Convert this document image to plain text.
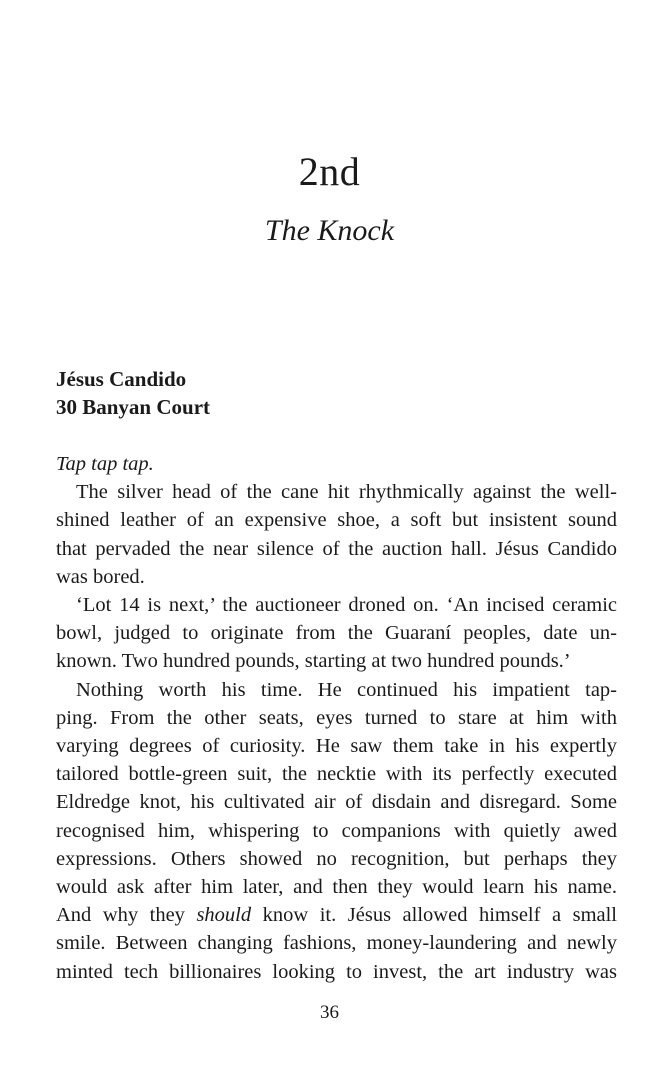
2nd
The Knock
Jésus Candido
30 Banyan Court
Tap tap tap.
The silver head of the cane hit rhythmically against the well-
shined leather of an expensive shoe, a soft but insistent sound
that pervaded the near silence of the auction hall. Jésus Candido
was bored.
‘Lot 14 is next,’ the auctioneer droned on. ‘An incised ceramic
bowl, judged to originate from the Guaraní peoples, date un-
known. Two hundred pounds, starting at two hundred pounds.’
Nothing worth his time. He continued his impatient tap-
ping. From the other seats, eyes turned to stare at him with
varying degrees of curiosity. He saw them take in his expertly
tailored bottle-green suit, the necktie with its perfectly executed
Eldredge knot, his cultivated air of disdain and disregard. Some
recognised him, whispering to companions with quietly awed
expressions. Others showed no recognition, but perhaps they
would ask after him later, and then they would learn his name.
And why they should know it. Jésus allowed himself a small
smile. Between changing fashions, money-laundering and newly
minted tech billionaires looking to invest, the art industry was
36
